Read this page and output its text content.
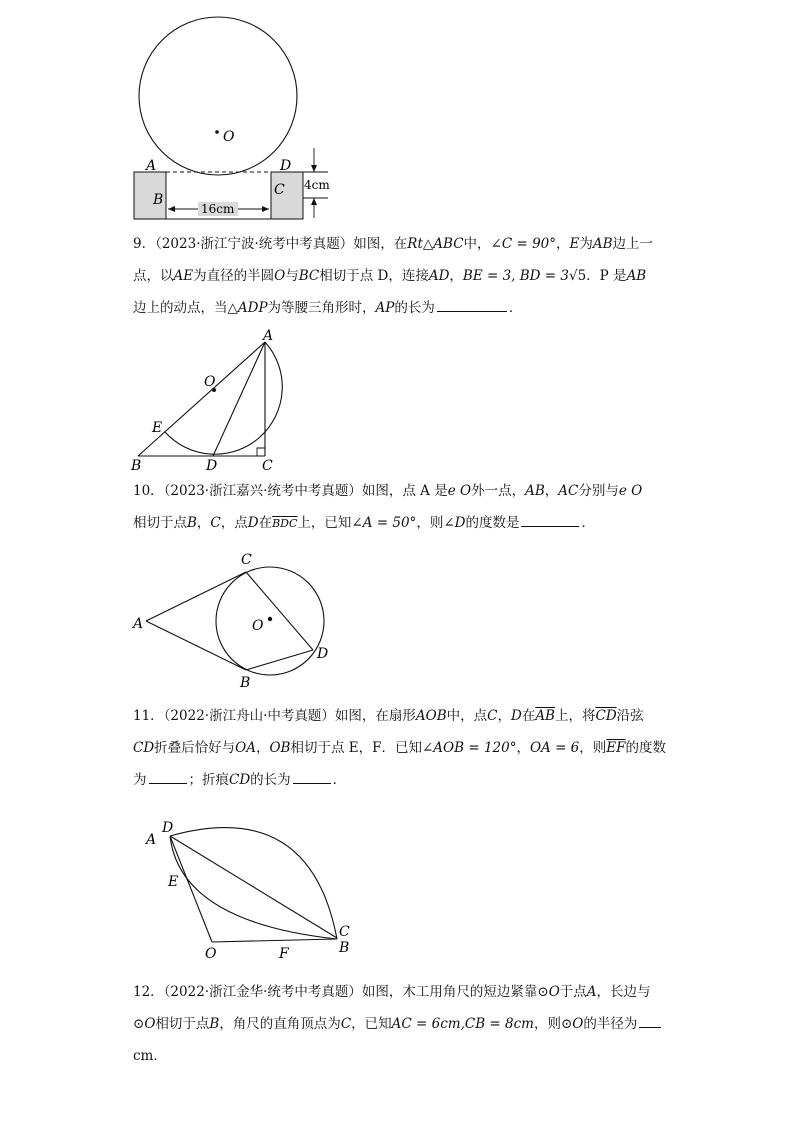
O
A	D
B
C
16cm
4cm
9．（2023·浙江宁波·统考中考真题）如图，在Rt△ABC中，∠C = 90°，E为AB边上一
点，以AE为直径的半圆O与BC相切于点 D，连接AD，BE = 3, BD = 3√5．P 是AB
边上的动点，当△ADP为等腰三角形时，AP的长为	．
A
O
E
B	D	C
10．（2023·浙江嘉兴·统考中考真题）如图，点 A 是e O外一点，AB，AC分别与e O
相切于点B，C，点D在$\overline{BDC}$上，已知∠A = 50°，则∠D的度数是	．
C
A	O
D
B
11．（2022·浙江舟山·中考真题）如图，在扇形AOB中，点C，D在$\overline{AB}$上，将$\overline{CD}$沿弦
CD折叠后恰好与OA，OB相切于点 E，F．已知∠AOB = 120°，OA = 6，则$\overline{EF}$的度数
为	；折痕CD的长为	．
D
A
E
O	F
C
B
12．（2022·浙江金华·统考中考真题）如图，木工用角尺的短边紧靠⊙O于点A，长边与
⊙O相切于点B，角尺的直角顶点为C，已知AC = 6cm,CB = 8cm，则⊙O的半径为
cm．
